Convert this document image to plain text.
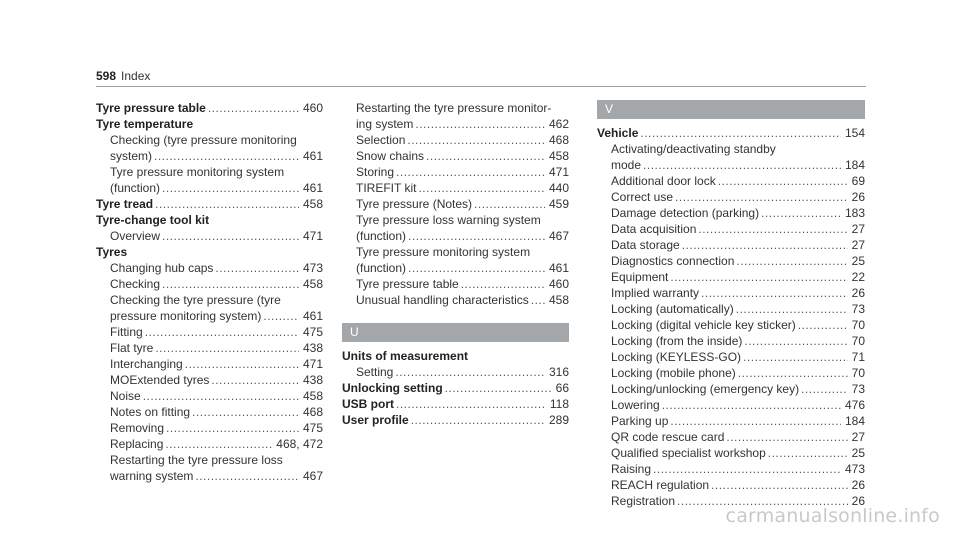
598 Index
Tyre pressure table .....	460
Tyre temperature
Checking (tyre pressure monitoring
system) .....	461
Tyre pressure monitoring system
(function) .....	461
Tyre tread .....	458
Tyre-change tool kit
Overview .....	471
Tyres
Changing hub caps .....	473
Checking .....	458
Checking the tyre pressure (tyre
pressure monitoring system) .....	461
Fitting .....	475
Flat tyre .....	438
Interchanging .....	471
MOExtended tyres .....	438
Noise .....	458
Notes on fitting .....	468
Removing .....	475
Replacing .....	468, 472
Restarting the tyre pressure loss
warning system .....	467
Restarting the tyre pressure monitor-
ing system .....	462
Selection .....	468
Snow chains .....	458
Storing .....	471
TIREFIT kit .....	440
Tyre pressure (Notes) .....	459
Tyre pressure loss warning system
(function) .....	467
Tyre pressure monitoring system
(function) .....	461
Tyre pressure table .....	460
Unusual handling characteristics .....	458
U
Units of measurement
Setting .....	316
Unlocking setting .....	66
USB port .....	118
User profile .....	289
V
Vehicle .....	154
Activating/deactivating standby
mode .....	184
Additional door lock .....	69
Correct use .....	26
Damage detection (parking) .....	183
Data acquisition .....	27
Data storage .....	27
Diagnostics connection .....	25
Equipment .....	22
Implied warranty .....	26
Locking (automatically) .....	73
Locking (digital vehicle key sticker) .....	70
Locking (from the inside) .....	70
Locking (KEYLESS-GO) .....	71
Locking (mobile phone) .....	70
Locking/unlocking (emergency key) .....	73
Lowering .....	476
Parking up .....	184
QR code rescue card .....	27
Qualified specialist workshop .....	25
Raising .....	473
REACH regulation .....	26
Registration .....	26
carmanualsonline.info
